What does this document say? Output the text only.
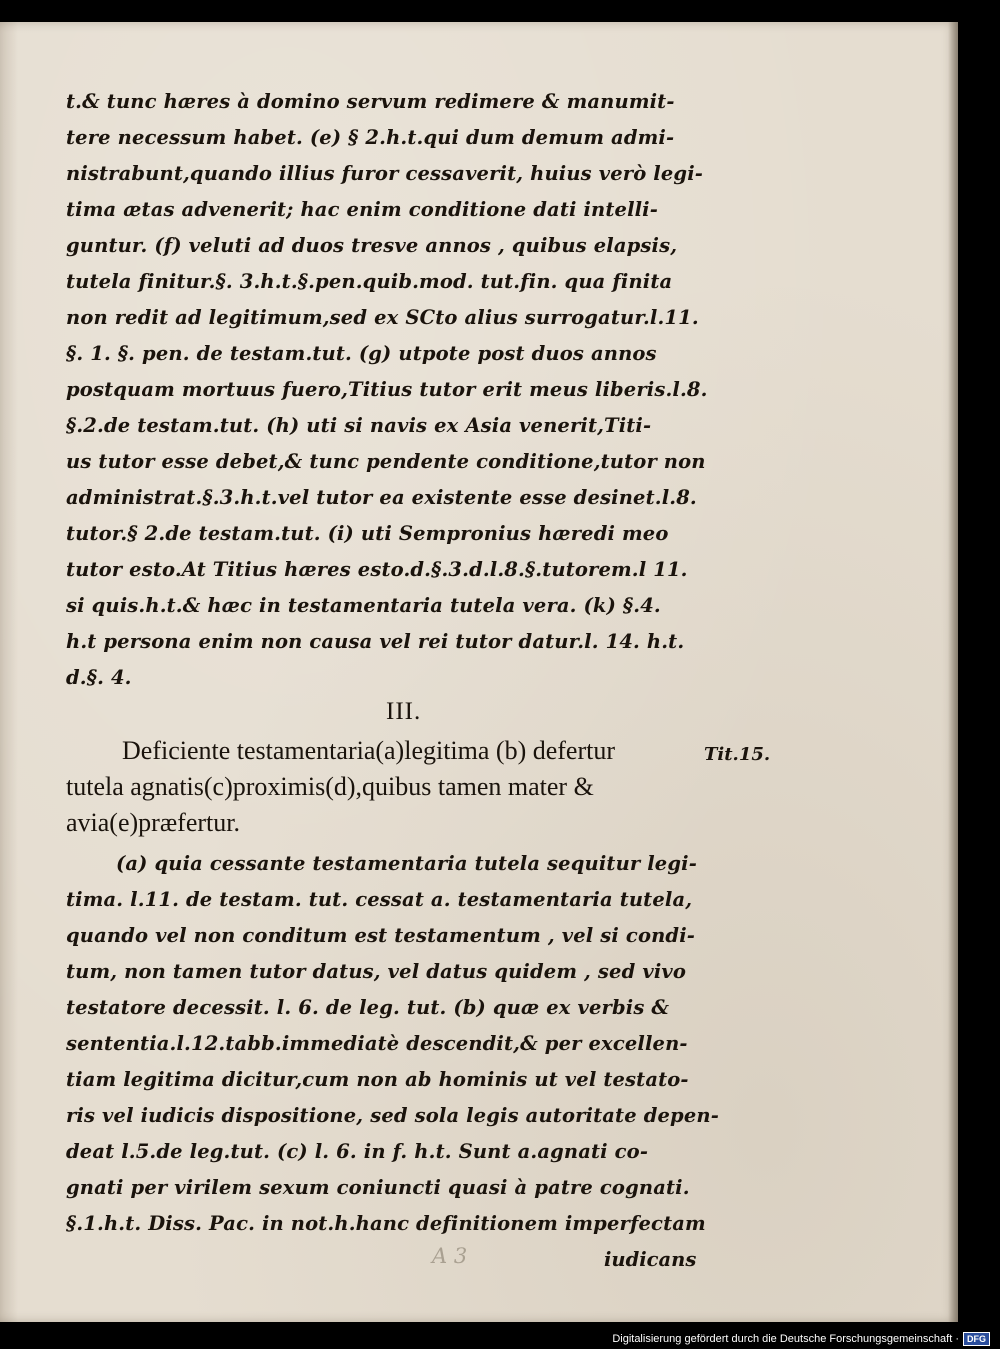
t.& tunc hæres à domino servum redimere & manumit-

tere necessum habet. (e) § 2.h.t.qui dum demum admi-

nistrabunt,quando illius furor cessaverit, huius verò legi-

tima ætas advenerit; hac enim conditione dati intelli-

guntur. (f) veluti ad duos tresve annos , quibus elapsis,

tutela finitur.§. 3.h.t.§.pen.quib.mod. tut.fin. qua finita

non redit ad legitimum,sed ex SCto alius surrogatur.l.11.

§. 1. §. pen. de testam.tut. (g) utpote post duos annos

postquam mortuus fuero,Titius tutor erit meus liberis.l.8.

§.2.de testam.tut. (h) uti si navis ex Asia venerit,Titi-

us tutor esse debet,& tunc pendente conditione,tutor non

administrat.§.3.h.t.vel tutor ea existente esse desinet.l.8.

tutor.§ 2.de testam.tut. (i) uti Sempronius hæredi meo

tutor esto.At Titius hæres esto.d.§.3.d.l.8.§.tutorem.l 11.

si quis.h.t.& hæc in testamentaria tutela vera. (k) §.4.

h.t persona enim non causa vel rei tutor datur.l. 14. h.t.

d.§. 4.

III.

Deficiente testamentaria(a)legitima (b) defertur

tutela agnatis(c)proximis(d),quibus tamen mater &

avia(e)præfertur.

Tit.15.

(a) quia cessante testamentaria tutela sequitur legi-

tima. l.11. de testam. tut. cessat a. testamentaria tutela,

quando vel non conditum est testamentum , vel si condi-

tum, non tamen tutor datus, vel datus quidem , sed vivo

testatore decessit. l. 6. de leg. tut. (b) quæ ex verbis &

sententia.l.12.tabb.immediatè descendit,& per excellen-

tiam legitima dicitur,cum non ab hominis ut vel testato-

ris vel iudicis dispositione, sed sola legis autoritate depen-

deat l.5.de leg.tut. (c) l. 6. in f. h.t. Sunt a.agnati co-

gnati per virilem sexum coniuncti quasi à patre cognati.

§.1.h.t. Diss. Pac. in not.h.hanc definitionem imperfectam

A 3	iudicans

Digitalisierung gefördert durch die Deutsche Forschungsgemeinschaft · DFG
